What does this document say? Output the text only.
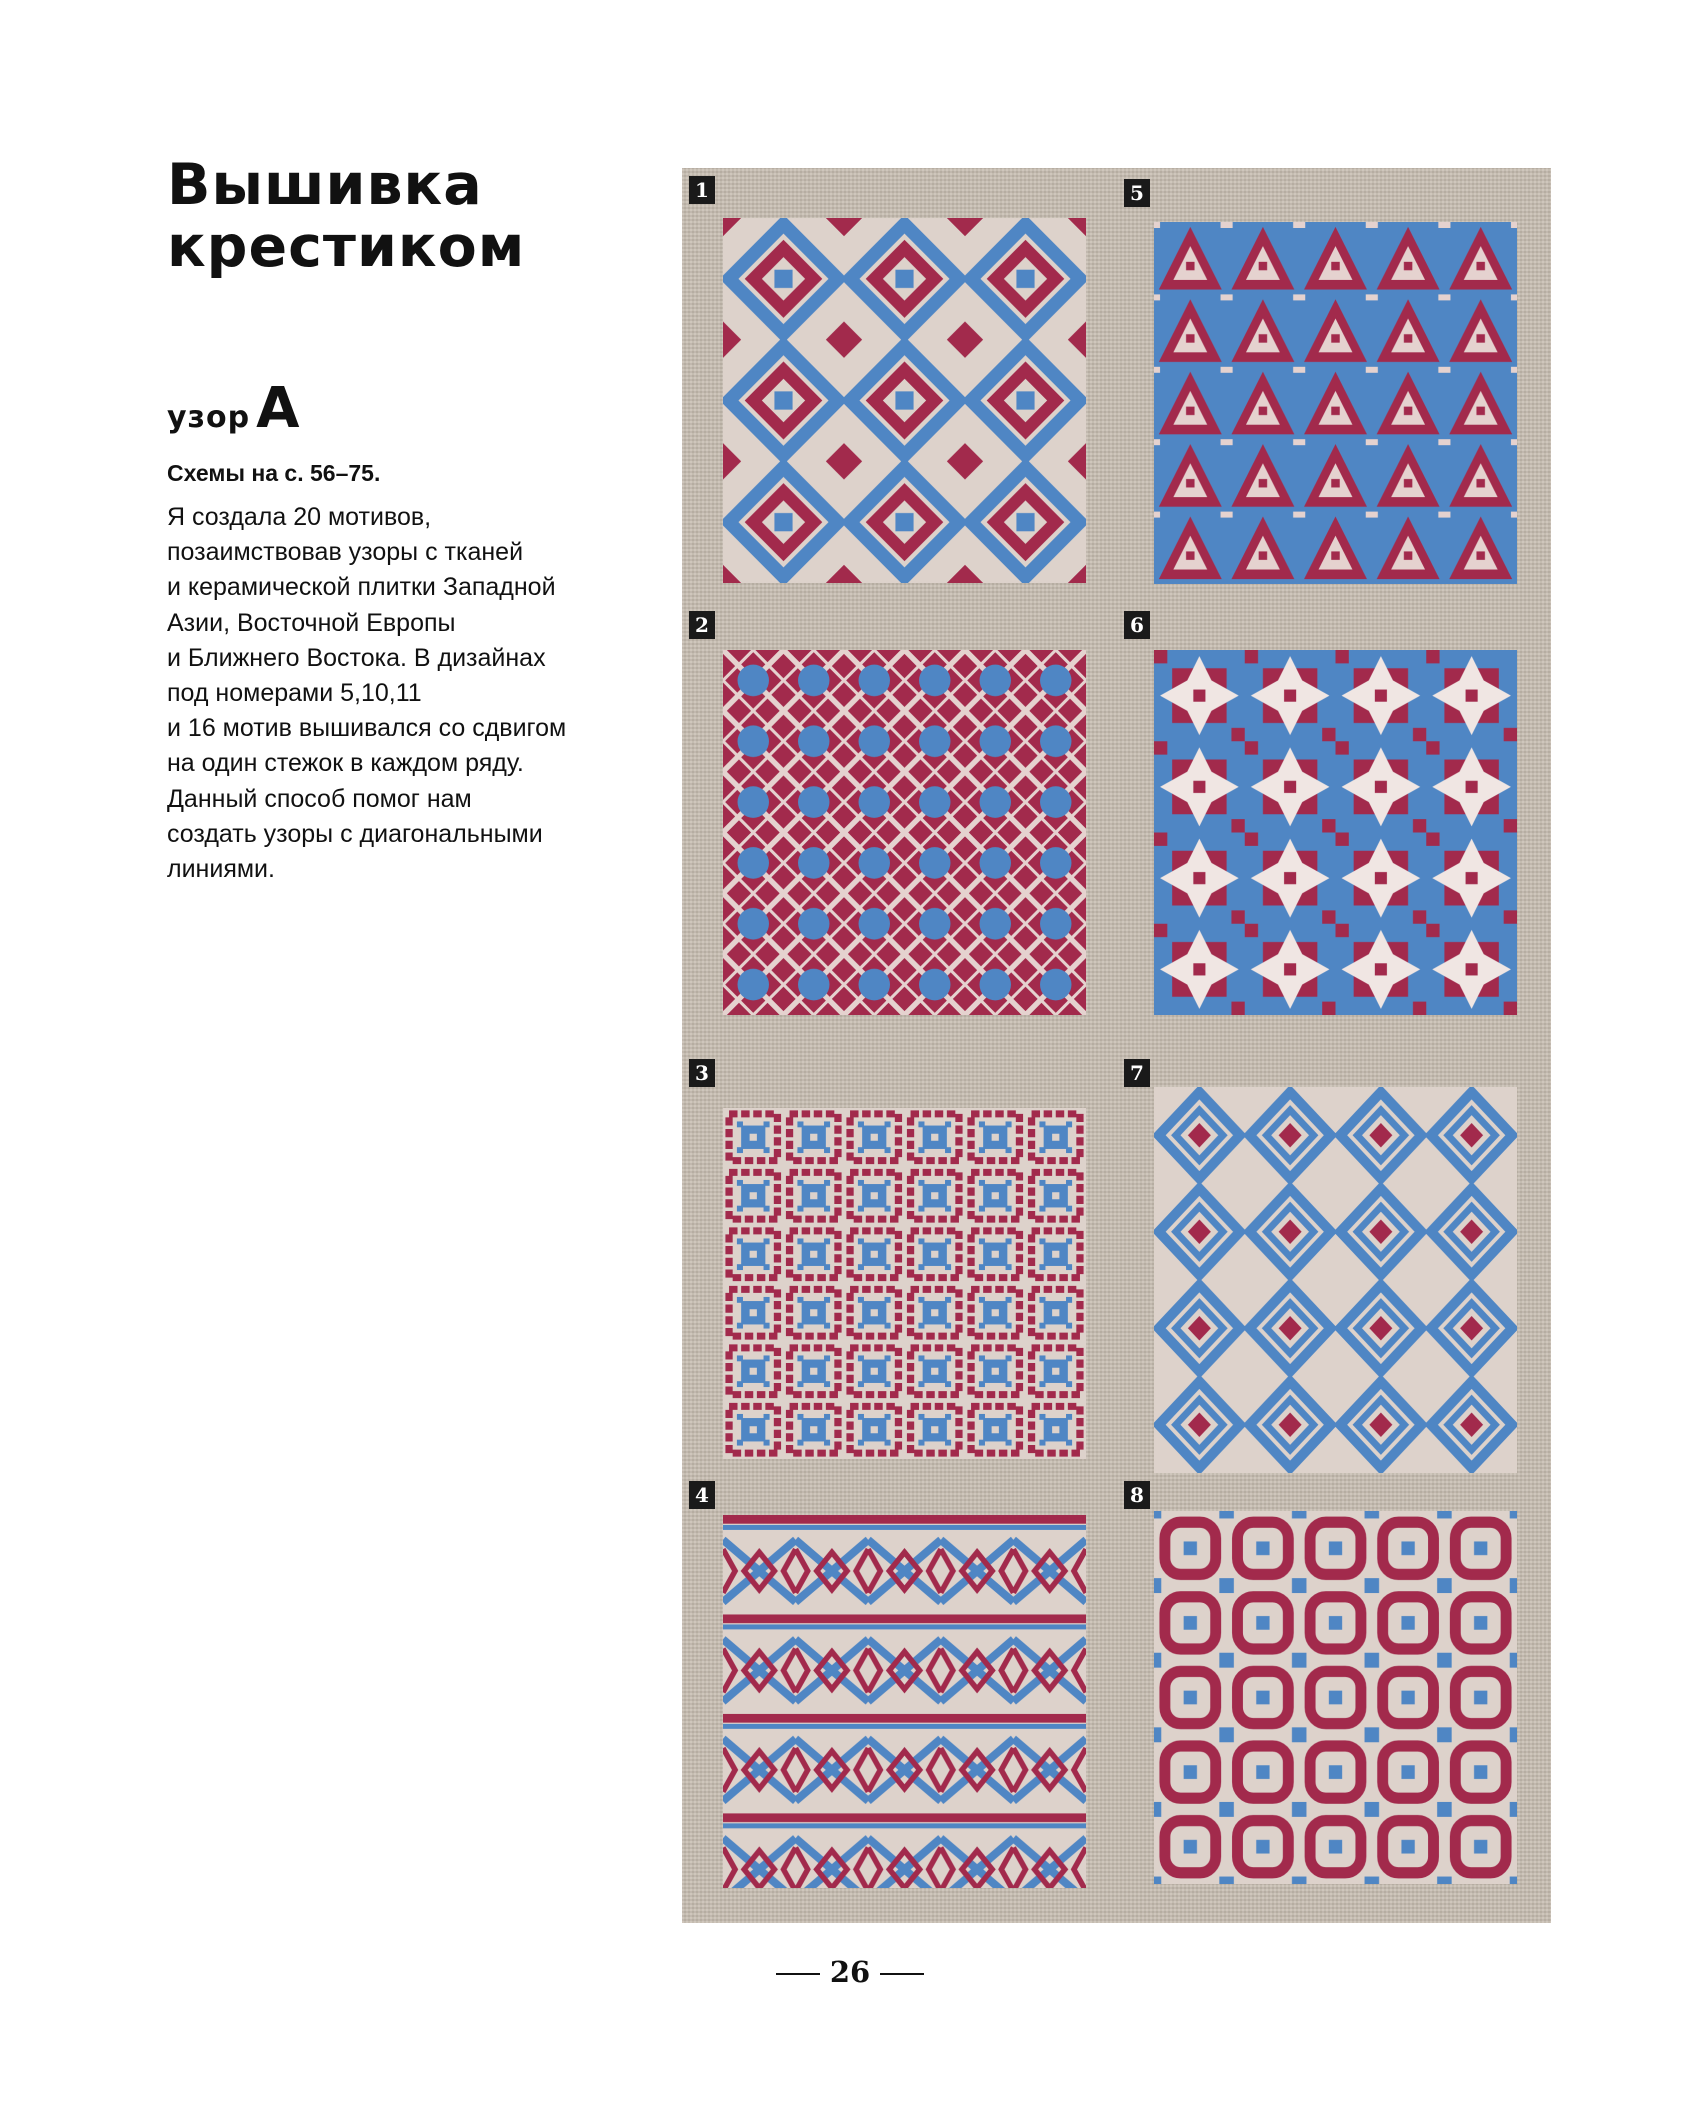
Вышивка
крестиком
узор A

Схемы на с. 56–75.

Я создала 20 мотивов,
позаимствовав узоры с тканей
и керамической плитки Западной
Азии, Восточной Европы
и Ближнего Востока. В дизайнах
под номерами 5,10,11
и 16 мотив вышивался со сдвигом
на один стежок в каждом ряду.
Данный способ помог нам
создать узоры с диагональными
линиями.

1
2
3
4
5
6
7
8
26
